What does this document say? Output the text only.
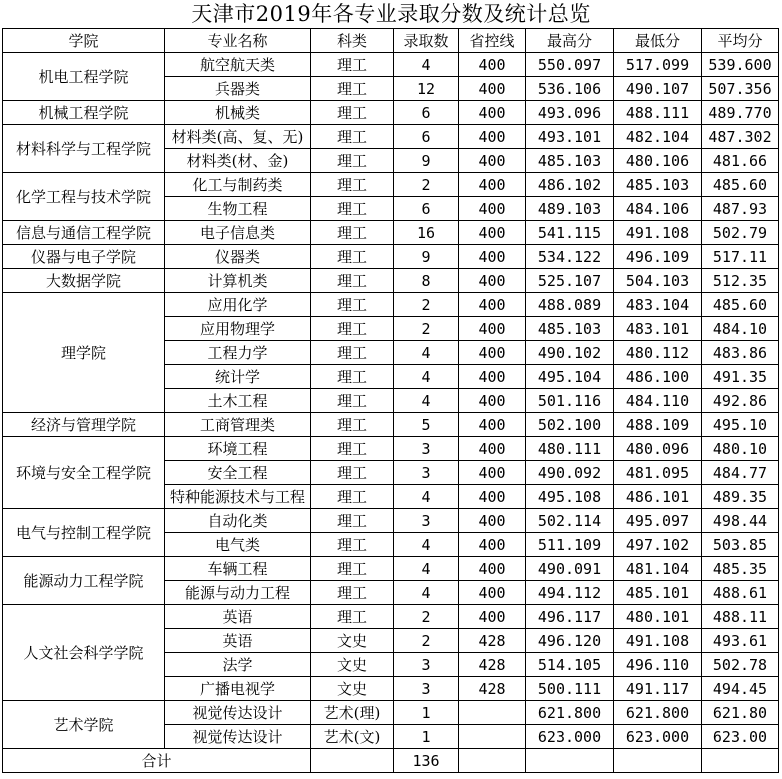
天津市2019年各专业录取分数及统计总览
学院	专业名称	科类	录取数	省控线	最高分	最低分	平均分
机电工程学院	航空航天类	理工	4	400	550.097	517.099	539.600
	兵器类	理工	12	400	536.106	490.107	507.356
机械工程学院	机械类	理工	6	400	493.096	488.111	489.770
材料科学与工程学院	材料类(高、复、无)	理工	6	400	493.101	482.104	487.302
	材料类(材、金)	理工	9	400	485.103	480.106	481.66
化学工程与技术学院	化工与制药类	理工	2	400	486.102	485.103	485.60
	生物工程	理工	6	400	489.103	484.106	487.93
信息与通信工程学院	电子信息类	理工	16	400	541.115	491.108	502.79
仪器与电子学院	仪器类	理工	9	400	534.122	496.109	517.11
大数据学院	计算机类	理工	8	400	525.107	504.103	512.35
理学院	应用化学	理工	2	400	488.089	483.104	485.60
	应用物理学	理工	2	400	485.103	483.101	484.10
	工程力学	理工	4	400	490.102	480.112	483.86
	统计学	理工	4	400	495.104	486.100	491.35
	土木工程	理工	4	400	501.116	484.110	492.86
经济与管理学院	工商管理类	理工	5	400	502.100	488.109	495.10
环境与安全工程学院	环境工程	理工	3	400	480.111	480.096	480.10
	安全工程	理工	3	400	490.092	481.095	484.77
	特种能源技术与工程	理工	4	400	495.108	486.101	489.35
电气与控制工程学院	自动化类	理工	3	400	502.114	495.097	498.44
	电气类	理工	4	400	511.109	497.102	503.85
能源动力工程学院	车辆工程	理工	4	400	490.091	481.104	485.35
	能源与动力工程	理工	4	400	494.112	485.101	488.61
人文社会科学学院	英语	理工	2	400	496.117	480.101	488.11
	英语	文史	2	428	496.120	491.108	493.61
	法学	文史	3	428	514.105	496.110	502.78
	广播电视学	文史	3	428	500.111	491.117	494.45
艺术学院	视觉传达设计	艺术(理)	1		621.800	621.800	621.80
	视觉传达设计	艺术(文)	1		623.000	623.000	623.00
合计			136				
